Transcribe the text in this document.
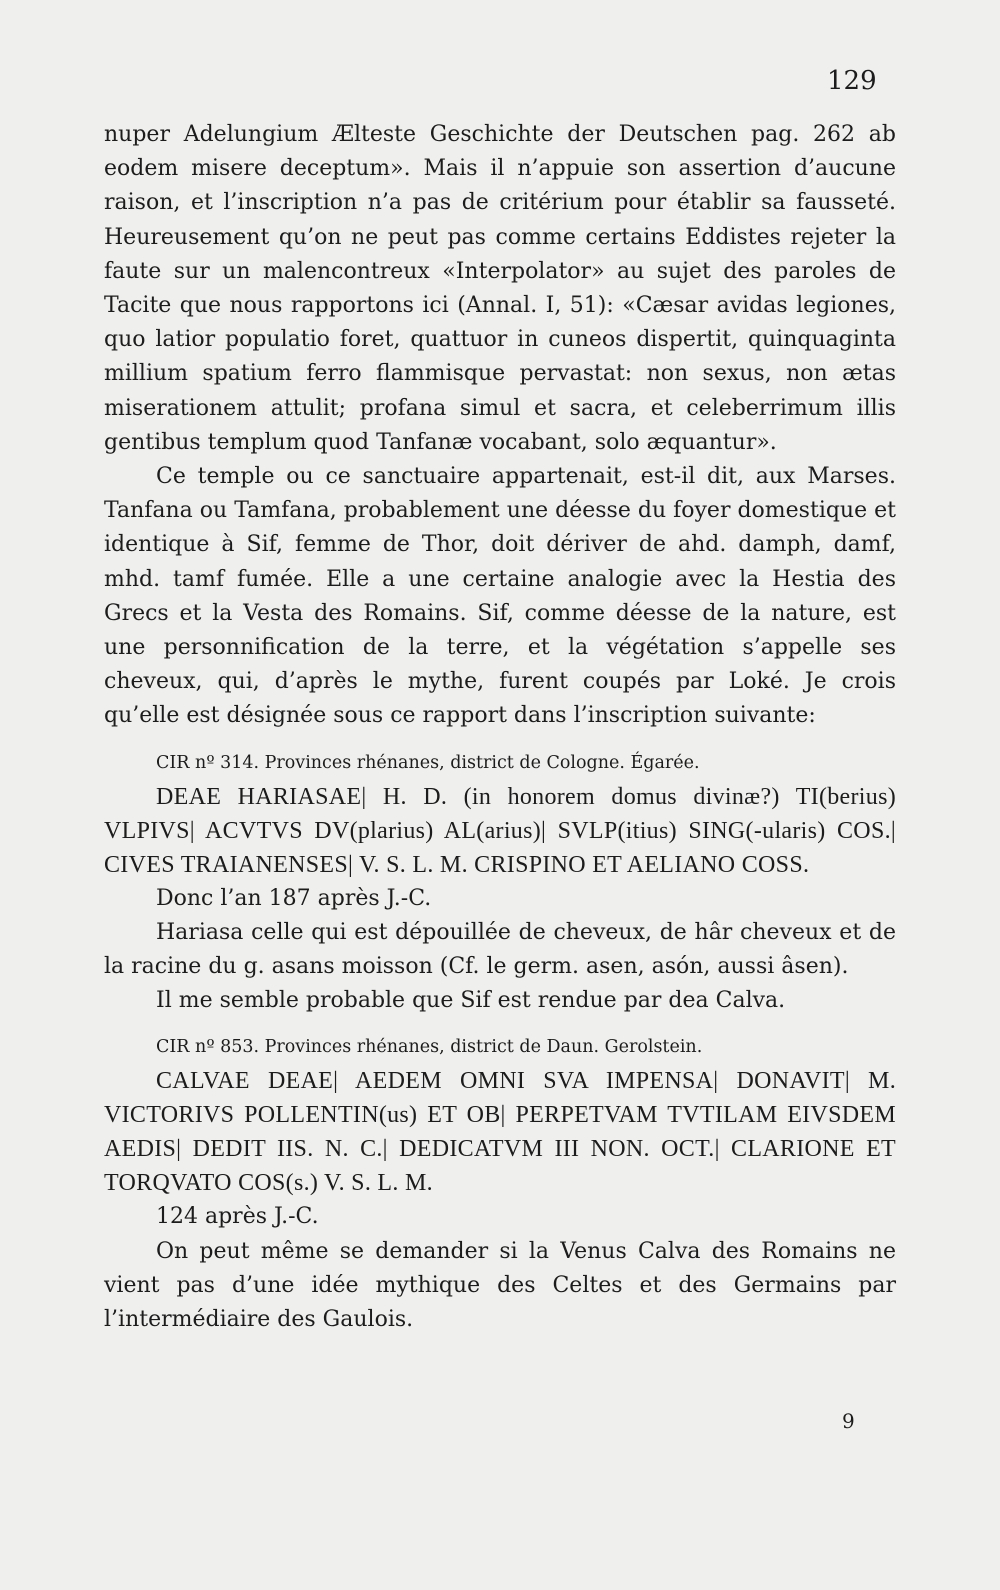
129

nuper Adelungium Ælteste Geschichte der Deutschen pag. 262 ab eodem misere deceptum». Mais il n’appuie son assertion d’aucune raison, et l’inscription n’a pas de critérium pour établir sa fausseté. Heureusement qu’on ne peut pas comme certains Eddistes rejeter la faute sur un malencontreux «Interpolator» au sujet des paroles de Tacite que nous rapportons ici (Annal. I, 51): «Cæsar avidas legiones, quo latior populatio foret, quattuor in cuneos dispertit, quinquaginta millium spatium ferro flammisque pervastat: non sexus, non ætas miserationem attulit; profana simul et sacra, et celeberrimum illis gentibus templum quod Tanfanæ vocabant, solo æquantur».

Ce temple ou ce sanctuaire appartenait, est-il dit, aux Marses. Tanfana ou Tamfana, probablement une déesse du foyer domestique et identique à Sif, femme de Thor, doit dériver de ahd. damph, damf, mhd. tamf fumée. Elle a une certaine analogie avec la Hestia des Grecs et la Vesta des Romains. Sif, comme déesse de la nature, est une personnification de la terre, et la végétation s’appelle ses cheveux, qui, d’après le mythe, furent coupés par Loké. Je crois qu’elle est désignée sous ce rapport dans l’inscription suivante:

CIR nº 314. Provinces rhénanes, district de Cologne. Égarée.

DEAE HARIASAE| H. D. (in honorem domus divinæ?) TI(berius) VLPIVS| ACVTVS DV(plarius) AL(arius)| SVLP(itius) SING(-ularis) COS.| CIVES TRAIANENSES| V. S. L. M. CRISPINO ET AELIANO COSS.

Donc l’an 187 après J.-C.

Hariasa celle qui est dépouillée de cheveux, de hâr cheveux et de la racine du g. asans moisson (Cf. le germ. asen, asón, aussi âsen).

Il me semble probable que Sif est rendue par dea Calva.

CIR nº 853. Provinces rhénanes, district de Daun. Gerolstein.

CALVAE DEAE| AEDEM OMNI SVA IMPENSA| DONAVIT| M. VICTORIVS POLLENTIN(us) ET OB| PERPETVAM TVTILAM EIVSDEM AEDIS| DEDIT IIS. N. C.| DEDICATVM III NON. OCT.| CLARIONE ET TORQVATO COS(s.) V. S. L. M.

124 après J.-C.

On peut même se demander si la Venus Calva des Romains ne vient pas d’une idée mythique des Celtes et des Germains par l’intermédiaire des Gaulois.

9
